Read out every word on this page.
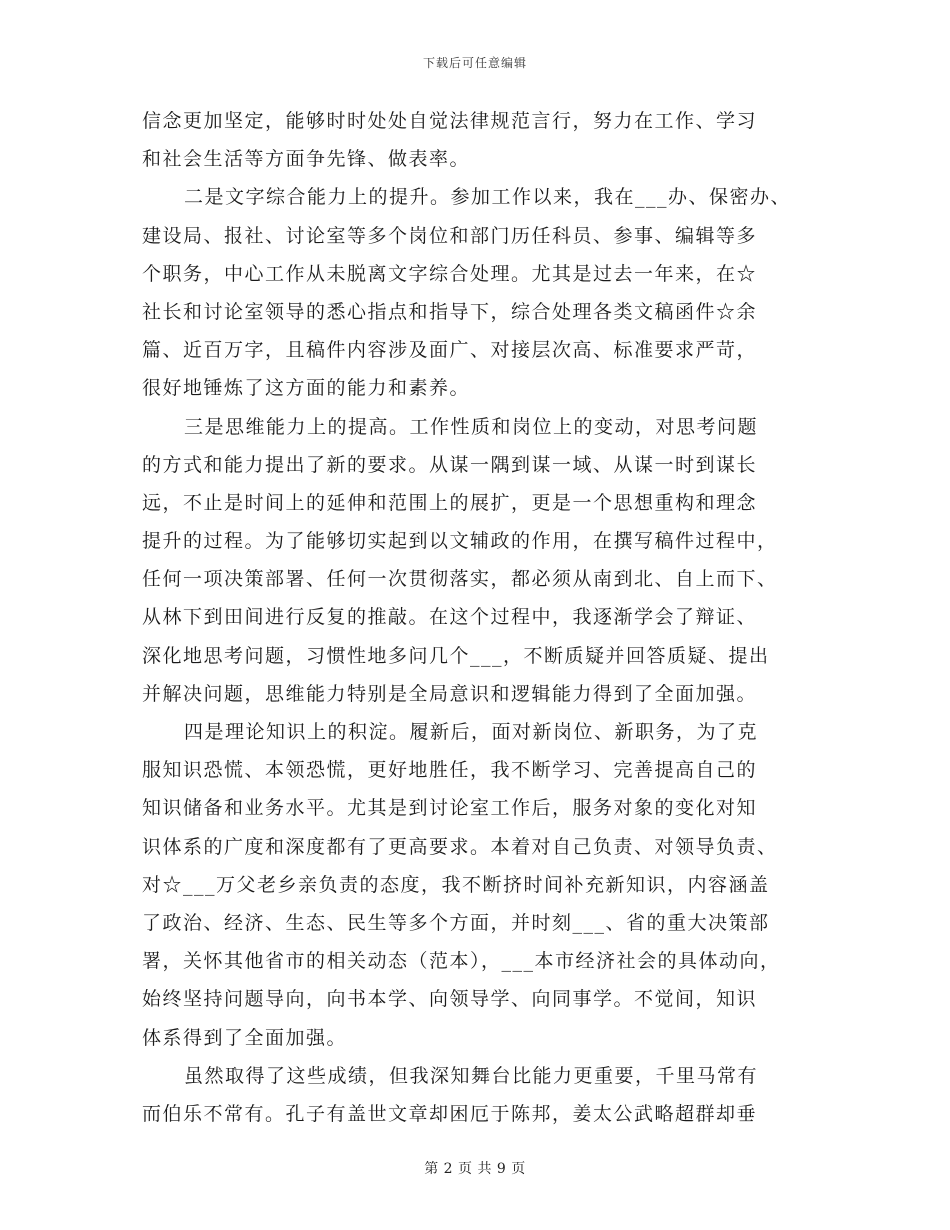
下载后可任意编辑
信念更加坚定，能够时时处处自觉法律规范言行，努力在工作、学习
和社会生活等方面争先锋、做表率。
二是文字综合能力上的提升。参加工作以来，我在___办、保密办、
建设局、报社、讨论室等多个岗位和部门历任科员、参事、编辑等多
个职务，中心工作从未脱离文字综合处理。尤其是过去一年来，在☆
社长和讨论室领导的悉心指点和指导下，综合处理各类文稿函件☆余
篇、近百万字，且稿件内容涉及面广、对接层次高、标准要求严苛，
很好地锤炼了这方面的能力和素养。
三是思维能力上的提高。工作性质和岗位上的变动，对思考问题
的方式和能力提出了新的要求。从谋一隅到谋一域、从谋一时到谋长
远，不止是时间上的延伸和范围上的展扩，更是一个思想重构和理念
提升的过程。为了能够切实起到以文辅政的作用，在撰写稿件过程中，
任何一项决策部署、任何一次贯彻落实，都必须从南到北、自上而下、
从林下到田间进行反复的推敲。在这个过程中，我逐渐学会了辩证、
深化地思考问题，习惯性地多问几个___，不断质疑并回答质疑、提出
并解决问题，思维能力特别是全局意识和逻辑能力得到了全面加强。
四是理论知识上的积淀。履新后，面对新岗位、新职务，为了克
服知识恐慌、本领恐慌，更好地胜任，我不断学习、完善提高自己的
知识储备和业务水平。尤其是到讨论室工作后，服务对象的变化对知
识体系的广度和深度都有了更高要求。本着对自己负责、对领导负责、
对☆___万父老乡亲负责的态度，我不断挤时间补充新知识，内容涵盖
了政治、经济、生态、民生等多个方面，并时刻___、省的重大决策部
署，关怀其他省市的相关动态（范本），___本市经济社会的具体动向，
始终坚持问题导向，向书本学、向领导学、向同事学。不觉间，知识
体系得到了全面加强。
虽然取得了这些成绩，但我深知舞台比能力更重要，千里马常有
而伯乐不常有。孔子有盖世文章却困厄于陈邦，姜太公武略超群却垂
第 2 页 共 9 页
